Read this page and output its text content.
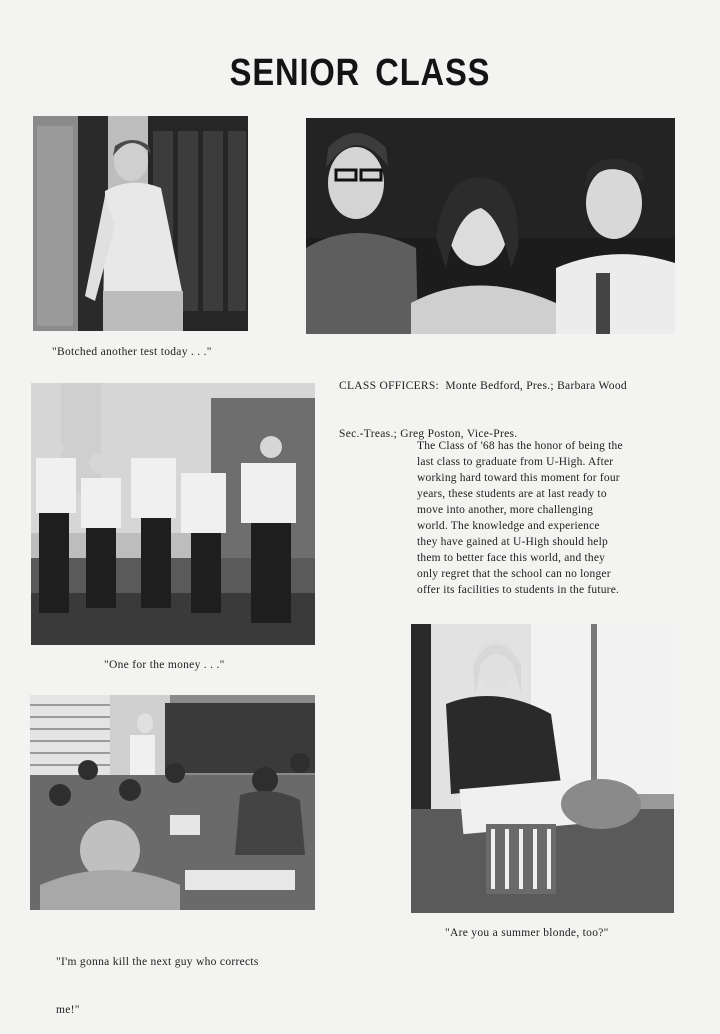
SENIOR CLASS
"Botched another test today . . ."

CLASS OFFICERS:  Monte Bedford, Pres.; Barbara Wood

Sec.-Treas.; Greg Poston, Vice-Pres.

"One for the money . . ."
The Class of '68 has the honor of being the
last class to graduate from U-High. After
working hard toward this moment for four
years, these students are at last ready to
move into another, more challenging
world. The knowledge and experience
they have gained at U-High should help
them to better face this world, and they
only regret that the school can no longer
offer its facilities to students in the future.

"I'm gonna kill the next guy who corrects

me!"

"Are you a summer blonde, too?"
